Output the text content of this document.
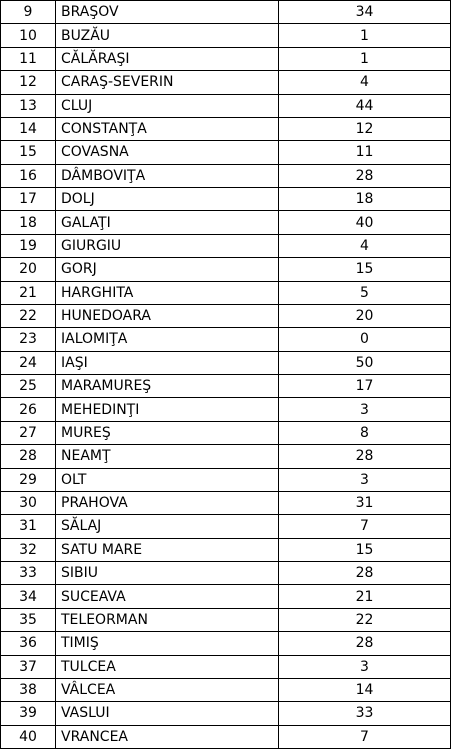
9	BRAŞOV	34
10	BUZĂU	1
11	CĂLĂRAŞI	1
12	CARAŞ-SEVERIN	4
13	CLUJ	44
14	CONSTANŢA	12
15	COVASNA	11
16	DÂMBOVIŢA	28
17	DOLJ	18
18	GALAŢI	40
19	GIURGIU	4
20	GORJ	15
21	HARGHITA	5
22	HUNEDOARA	20
23	IALOMIŢA	0
24	IAŞI	50
25	MARAMUREŞ	17
26	MEHEDINŢI	3
27	MUREŞ	8
28	NEAMŢ	28
29	OLT	3
30	PRAHOVA	31
31	SĂLAJ	7
32	SATU MARE	15
33	SIBIU	28
34	SUCEAVA	21
35	TELEORMAN	22
36	TIMIŞ	28
37	TULCEA	3
38	VÂLCEA	14
39	VASLUI	33
40	VRANCEA	7
